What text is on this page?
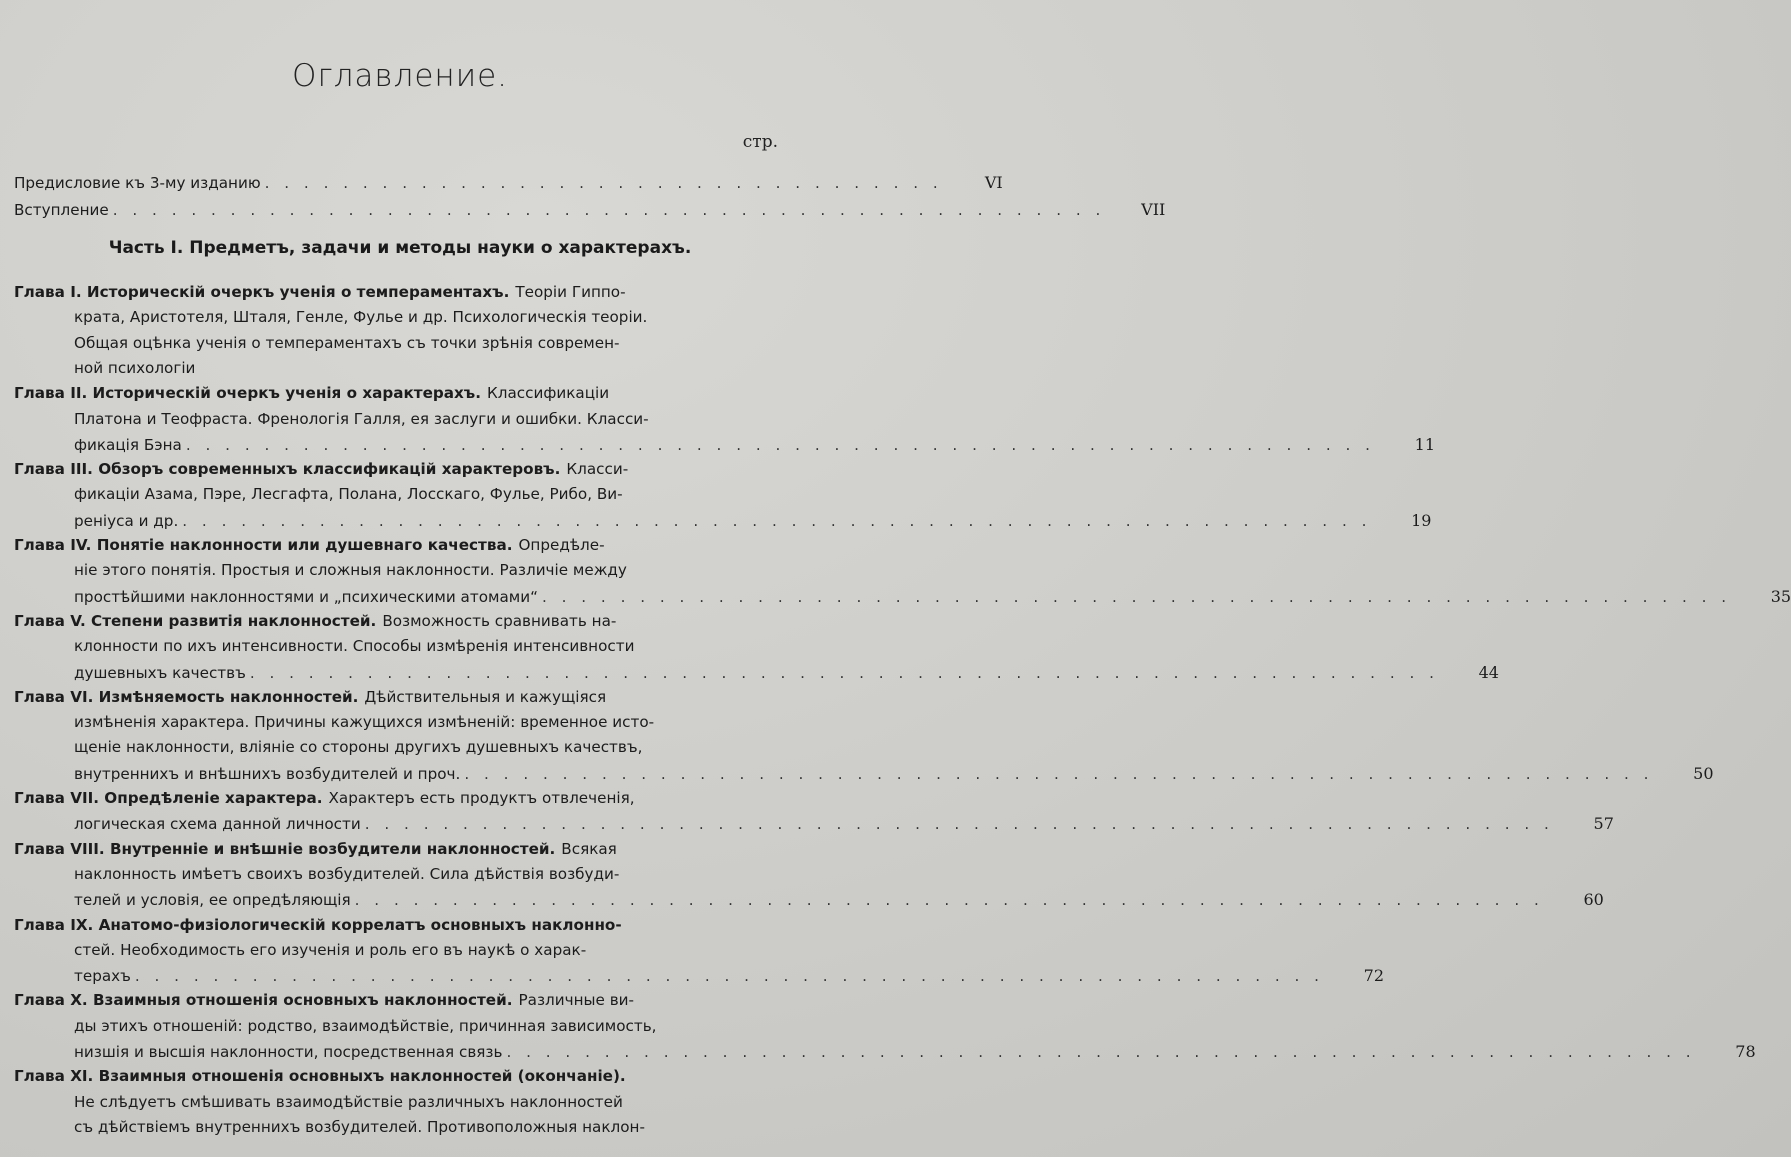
Оглавление.
стр.
Предисловие къ 3-му изданию . . . . . . . . . . . . . . . . . . . . . . . . . . . . . . . . . . .	VI
Вступление . . . . . . . . . . . . . . . . . . . . . . . . . . . . . . . . . . . . . . . . . . . . . . . . . . .	VII
Часть I. Предметъ, задачи и методы науки о характерахъ.
Глава I. Историческій очеркъ ученія о темпераментахъ. Теоріи Гиппо-
крата, Аристотеля, Шталя, Генле, Фулье и др. Психологическія теоріи.
Общая оцѣнка ученія о темпераментахъ съ точки зрѣнія современ-
ной психологіи
Глава II. Историческій очеркъ ученія о характерахъ. Классификаціи
Платона и Теофраста. Френологія Галля, ея заслуги и ошибки. Класси-
фикація Бэна . . . . . . . . . . . . . . . . . . . . . . . . . . . . . . . . . . . . . . . . . . . . . . . . . . . . . . . . . . . . .	11
Глава III. Обзоръ современныхъ классификацій характеровъ. Класси-
фикаціи Азама, Пэре, Лесгафта, Полана, Лосскаго, Фулье, Рибо, Ви-
реніуса и др. . . . . . . . . . . . . . . . . . . . . . . . . . . . . . . . . . . . . . . . . . . . . . . . . . . . . . . . . . . . . .	19
Глава IV. Понятіе наклонности или душевнаго качества. Опредѣле-
ніе этого понятія. Простыя и сложныя наклонности. Различіе между
простѣйшими наклонностями и „психическими атомами“ . . . . . . . . . . . . . . . . . . . . . . . . . . . . . . . . . . . . . . . . . . . . . . . . . . . . . . . . . . . . .	35
Глава V. Степени развитія наклонностей. Возможность сравнивать на-
клонности по ихъ интенсивности. Способы измѣренія интенсивности
душевныхъ качествъ . . . . . . . . . . . . . . . . . . . . . . . . . . . . . . . . . . . . . . . . . . . . . . . . . . . . . . . . . . . . .	44
Глава VI. Измѣняемость наклонностей. Дѣйствительныя и кажущіяся
измѣненія характера. Причины кажущихся измѣненій: временное исто-
щеніе наклонности, вліяніе со стороны другихъ душевныхъ качествъ,
внутреннихъ и внѣшнихъ возбудителей и проч. . . . . . . . . . . . . . . . . . . . . . . . . . . . . . . . . . . . . . . . . . . . . . . . . . . . . . . . . . . . . .	50
Глава VII. Опредѣленіе характера. Характеръ есть продуктъ отвлеченія,
логическая схема данной личности . . . . . . . . . . . . . . . . . . . . . . . . . . . . . . . . . . . . . . . . . . . . . . . . . . . . . . . . . . . . .	57
Глава VIII. Внутренніе и внѣшніе возбудители наклонностей. Всякая
наклонность имѣетъ своихъ возбудителей. Сила дѣйствія возбуди-
телей и условія, ее опредѣляющія . . . . . . . . . . . . . . . . . . . . . . . . . . . . . . . . . . . . . . . . . . . . . . . . . . . . . . . . . . . . .	60
Глава IX. Анатомо-физіологическій коррелатъ основныхъ наклонно-
стей. Необходимость его изученія и роль его въ наукѣ о харак-
терахъ . . . . . . . . . . . . . . . . . . . . . . . . . . . . . . . . . . . . . . . . . . . . . . . . . . . . . . . . . . . . .	72
Глава X. Взаимныя отношенія основныхъ наклонностей. Различные ви-
ды этихъ отношеній: родство, взаимодѣйствіе, причинная зависимость,
низшія и высшія наклонности, посредственная связь . . . . . . . . . . . . . . . . . . . . . . . . . . . . . . . . . . . . . . . . . . . . . . . . . . . . . . . . . . . . .	78
Глава XI. Взаимныя отношенія основныхъ наклонностей (окончаніе).
Не слѣдуетъ смѣшивать взаимодѣйствіе различныхъ наклонностей
съ дѣйствіемъ внутреннихъ возбудителей. Противоположныя наклон-
